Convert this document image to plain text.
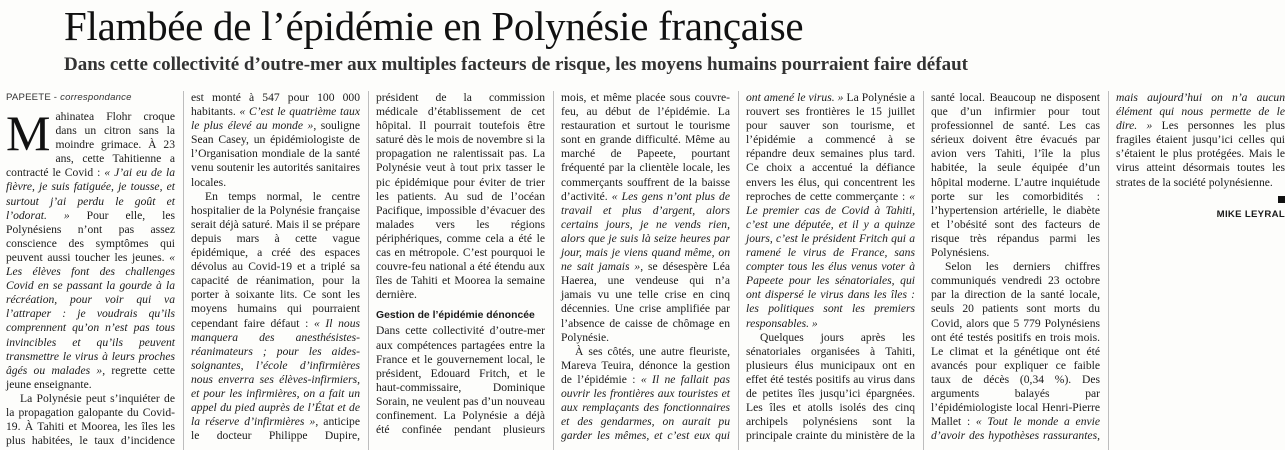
Flambée de l’épidémie en Polynésie française
Dans cette collectivité d’outre-mer aux multiples facteurs de risque, les moyens humains pourraient faire défaut
PAPEETE - correspondance

Mahinatea Flohr croque dans un citron sans la moindre grimace. À 23 ans, cette Tahitienne a contracté le Covid : « J’ai eu de la fièvre, je suis fatiguée, je tousse, et surtout j’ai perdu le goût et l’odorat. » Pour elle, les Polynésiens n’ont pas assez conscience des symptômes qui peuvent aussi toucher les jeunes. « Les élèves font des challenges Covid en se passant la gourde à la récréation, pour voir qui va l’attraper : je voudrais qu’ils comprennent qu’on n’est pas tous invincibles et qu’ils peuvent transmettre le virus à leurs proches âgés ou malades », regrette cette jeune enseignante.

La Polynésie peut s’inquiéter de la propagation galopante du Covid-19. À Tahiti et Moorea, les îles les plus habitées, le taux d’incidence est monté à 547 pour 100 000 habitants. « C’est le quatrième taux le plus élevé au monde », souligne Sean Casey, un épidémiologiste de l’Organisation mondiale de la santé venu soutenir les autorités sanitaires locales.

En temps normal, le centre hospitalier de la Polynésie française serait déjà saturé. Mais il se prépare depuis mars à cette vague épidémique, a créé des espaces dévolus au Covid-19 et a triplé sa capacité de réanimation, pour la porter à soixante lits. Ce sont les moyens humains qui pourraient cependant faire défaut : « Il nous manquera des anesthésistes-réanimateurs ; pour les aides-soignantes, l’école d’infirmières nous enverra ses élèves-infirmiers, et pour les infirmières, on a fait un appel du pied auprès de l’État et de la réserve d’infirmières », anticipe le docteur Philippe Dupire, président de la commission médicale d’établissement de cet hôpital. Il pourrait toutefois être saturé dès le mois de novembre si la propagation ne ralentissait pas. La Polynésie veut à tout prix tasser le pic épidémique pour éviter de trier les patients. Au sud de l’océan Pacifique, impossible d’évacuer des malades vers les régions périphériques, comme cela a été le cas en métropole. C’est pourquoi le couvre-feu national a été étendu aux îles de Tahiti et Moorea la semaine dernière.

Gestion de l’épidémie dénoncée

Dans cette collectivité d’outre-mer aux compétences partagées entre la France et le gouvernement local, le président, Edouard Fritch, et le haut-commissaire, Dominique Sorain, ne veulent pas d’un nouveau confinement. La Polynésie a déjà été confinée pendant plusieurs mois, et même placée sous couvre-feu, au début de l’épidémie. La restauration et surtout le tourisme sont en grande difficulté. Même au marché de Papeete, pourtant fréquenté par la clientèle locale, les commerçants souffrent de la baisse d’activité. « Les gens n’ont plus de travail et plus d’argent, alors certains jours, je ne vends rien, alors que je suis là seize heures par jour, mais je viens quand même, on ne sait jamais », se désespère Léa Haerea, une vendeuse qui n’a jamais vu une telle crise en cinq décennies. Une crise amplifiée par l’absence de caisse de chômage en Polynésie.

À ses côtés, une autre fleuriste, Mareva Teuira, dénonce la gestion de l’épidémie : « Il ne fallait pas ouvrir les frontières aux touristes et aux remplaçants des fonctionnaires et des gendarmes, on aurait pu garder les mêmes, et c’est eux qui ont amené le virus. » La Polynésie a rouvert ses frontières le 15 juillet pour sauver son tourisme, et l’épidémie a commencé à se répandre deux semaines plus tard. Ce choix a accentué la défiance envers les élus, qui concentrent les reproches de cette commerçante : « Le premier cas de Covid à Tahiti, c’est une députée, et il y a quinze jours, c’est le président Fritch qui a ramené le virus de France, sans compter tous les élus venus voter à Papeete pour les sénatoriales, qui ont dispersé le virus dans les îles : les politiques sont les premiers responsables. »

Quelques jours après les sénatoriales organisées à Tahiti, plusieurs élus municipaux ont en effet été testés positifs au virus dans de petites îles jusqu’ici épargnées. Les îles et atolls isolés des cinq archipels polynésiens sont la principale crainte du ministère de la santé local. Beaucoup ne disposent que d’un infirmier pour tout professionnel de santé. Les cas sérieux doivent être évacués par avion vers Tahiti, l’île la plus habitée, la seule équipée d’un hôpital moderne. L’autre inquiétude porte sur les comorbidités : l’hypertension artérielle, le diabète et l’obésité sont des facteurs de risque très répandus parmi les Polynésiens.

Selon les derniers chiffres communiqués vendredi 23 octobre par la direction de la santé locale, seuls 20 patients sont morts du Covid, alors que 5 779 Polynésiens ont été testés positifs en trois mois. Le climat et la génétique ont été avancés pour expliquer ce faible taux de décès (0,34 %). Des arguments balayés par l’épidémiologiste local Henri-Pierre Mallet : « Tout le monde a envie d’avoir des hypothèses rassurantes, mais aujourd’hui on n’a aucun élément qui nous permette de le dire. » Les personnes les plus fragiles étaient jusqu’ici celles qui s’étaient le plus protégées. Mais le virus atteint désormais toutes les strates de la société polynésienne.

MIKE LEYRAL
